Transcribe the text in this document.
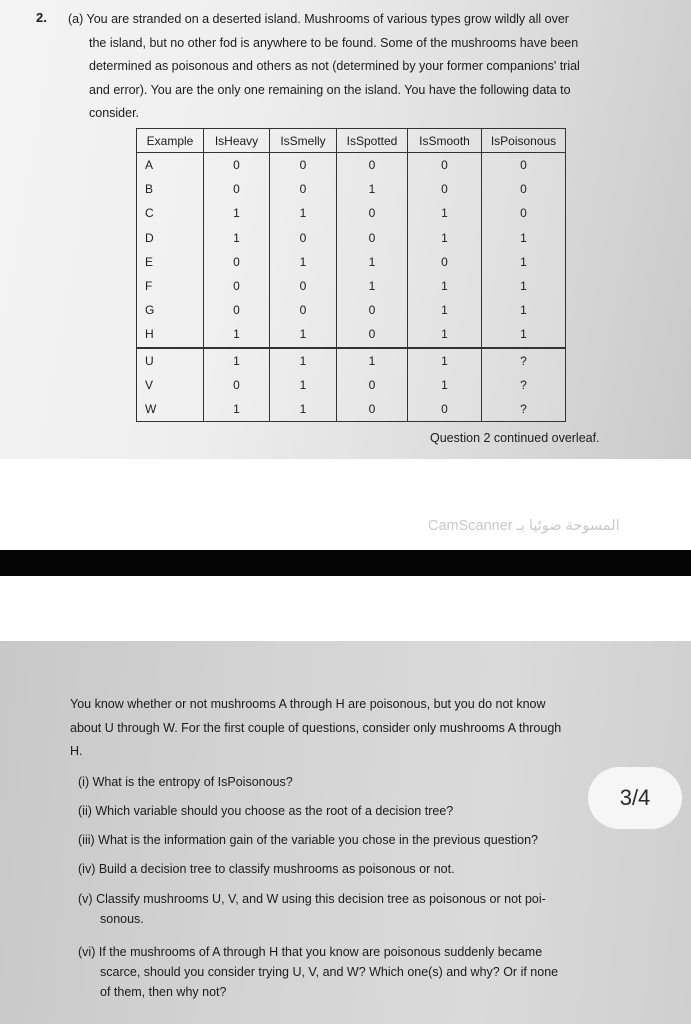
2. (a) You are stranded on a deserted island. Mushrooms of various types grow wildly all over
the island, but no other fod is anywhere to be found. Some of the mushrooms have been
determined as poisonous and others as not (determined by your former companions' trial
and error). You are the only one remaining on the island. You have the following data to
consider.
Example	IsHeavy	IsSmelly	IsSpotted	IsSmooth	IsPoisonous
A	0	0	0	0	0
B	0	0	1	0	0
C	1	1	0	1	0
D	1	0	0	1	1
E	0	1	1	0	1
F	0	0	1	1	1
G	0	0	0	1	1
H	1	1	0	1	1
U	1	1	1	1	?
V	0	1	0	1	?
W	1	1	0	0	?
Question 2 continued overleaf.
CamScanner المسوحة ضوئيا بـ
You know whether or not mushrooms A through H are poisonous, but you do not know
about U through W. For the first couple of questions, consider only mushrooms A through
H.
(i) What is the entropy of IsPoisonous?
(ii) Which variable should you choose as the root of a decision tree?
(iii) What is the information gain of the variable you chose in the previous question?
(iv) Build a decision tree to classify mushrooms as poisonous or not.
(v) Classify mushrooms U, V, and W using this decision tree as poisonous or not poi-
sonous.
(vi) If the mushrooms of A through H that you know are poisonous suddenly became
scarce, should you consider trying U, V, and W? Which one(s) and why? Or if none
of them, then why not?
3/4
